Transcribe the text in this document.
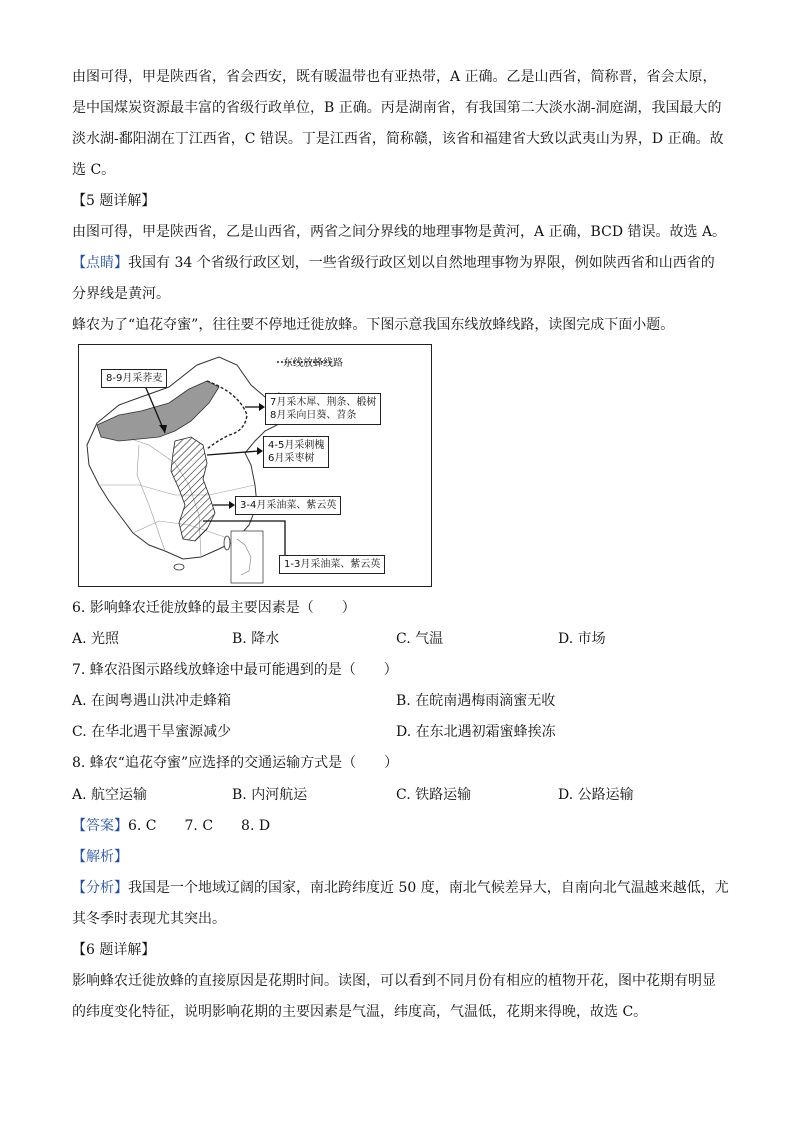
由图可得，甲是陕西省，省会西安，既有暖温带也有亚热带，A 正确。乙是山西省，简称晋，省会太原，
是中国煤炭资源最丰富的省级行政单位，B 正确。丙是湖南省，有我国第二大淡水湖-洞庭湖，我国最大的
淡水湖-鄱阳湖在丁江西省，C 错误。丁是江西省，简称赣，该省和福建省大致以武夷山为界，D 正确。故
选 C。
【5 题详解】
由图可得，甲是陕西省，乙是山西省，两省之间分界线的地理事物是黄河，A 正确，BCD 错误。故选 A。
【点睛】我国有 34 个省级行政区划，一些省级行政区划以自然地理事物为界限，例如陕西省和山西省的
分界线是黄河。
蜂农为了“追花夺蜜”，往往要不停地迁徙放蜂。下图示意我国东线放蜂线路，读图完成下面小题。
东线放蜂线路
8-9月采荞麦
7月采木犀、荆条、椴树
8月采向日葵、苕条
4-5月采刺槐
6月采枣树
3-4月采油菜、紫云英
1-3月采油菜、紫云英
6. 影响蜂农迁徙放蜂的最主要因素是（　　）
A. 光照	B. 降水	C. 气温	D. 市场
7. 蜂农沿图示路线放蜂途中最可能遇到的是（　　）
A. 在闽粤遇山洪冲走蜂箱	B. 在皖南遇梅雨滴蜜无收
C. 在华北遇干旱蜜源减少	D. 在东北遇初霜蜜蜂挨冻
8. 蜂农“追花夺蜜”应选择的交通运输方式是（　　）
A. 航空运输	B. 内河航运	C. 铁路运输	D. 公路运输
【答案】6. C　　7. C　　8. D
【解析】
【分析】我国是一个地域辽阔的国家，南北跨纬度近 50 度，南北气候差异大，自南向北气温越来越低，尤
其冬季时表现尤其突出。
【6 题详解】
影响蜂农迁徙放蜂的直接原因是花期时间。读图，可以看到不同月份有相应的植物开花，图中花期有明显
的纬度变化特征，说明影响花期的主要因素是气温，纬度高，气温低，花期来得晚，故选 C。
